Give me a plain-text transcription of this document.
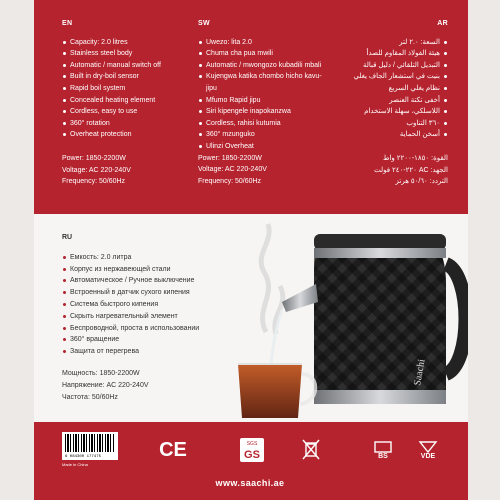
EN
Capacity: 2.0 litres
Stainless steel body
Automatic / manual switch off
Built in dry-boil sensor
Rapid boil system
Concealed heating element
Cordless, easy to use
360° rotation
Overheat protection
Power: 1850-2200W
Voltage: AC 220-240V
Frequency: 50/60Hz
SW
Uwezo: lita 2.0
Chuma cha pua mwili
Automatic / mwongozo kubadili mbali
Kujengwa katika chombo hicho kavu-jipu
Mfumo Rapid jipu
Siri kipengele inapokanzwa
Cordless, rahisi kutumia
360° mzunguko
Ulinzi Overheat
Power: 1850-2200W
Voltage: AC 220-240V
Frequency: 50/60Hz
AR
السعة: ٢.٠ لتر
هيئة الفولاذ المقاوم للصدأ
التبديل التلقائي / دليل قبالة
بنيت في استشعار الجاف يغلي
نظام يغلي السريع
أخفى تكتة العنصر
اللاسلكي، سهلة الاستخدام
٣٦٠ التناوب
أسخن الحماية
القوة: ١٨٥٠-٢٢٠٠ واط
الجهد: AC ٢٢٠-٢٤٠ فولت
التردد: ٥٠/٦٠ هرتز
RU
Емкость: 2.0 литра
Корпус из нержавеющей стали
Автоматическое / Ручное выключение
Встроенный в датчик сухого кипения
Система быстрого кипения
Скрыть нагревательный элемент
Беспроводной, проста в использовании
360° вращение
Защита от перегрева
Мощность: 1850-2200W
Напряжение: AC 220-240V
Частота: 50/60Hz
Saachi
6 084300 177475
Made in China
CE	SGS
GS	BS	VDE
www.saachi.ae
